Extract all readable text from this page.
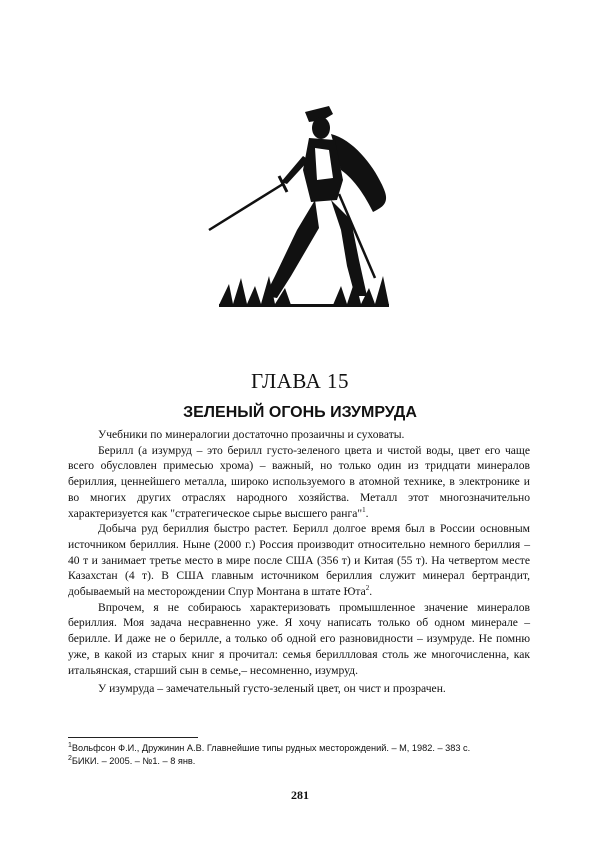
ГЛАВА 15
ЗЕЛЕНЫЙ ОГОНЬ ИЗУМРУДА

Учебники по минералогии достаточно прозаичны и суховаты.

Берилл (а изумруд – это берилл густо-зеленого цвета и чистой воды, цвет его чаще всего обусловлен примесью хрома) – важный, но только один из тридцати минералов бериллия, ценнейшего металла, широко используемого в атомной технике, в электронике и во многих других отраслях народного хозяйства. Металл этот многозначительно характеризуется как "стратегическое сырье высшего ранга"$^1$.

Добыча руд бериллия быстро растет. Берилл долгое время был в России основным источником бериллия. Ныне (2000 г.) Россия производит относительно немного бериллия – 40 т и занимает третье место в мире после США (356 т) и Китая (55 т). На четвертом месте Казахстан (4 т). В США главным источником бериллия служит минерал бертрандит, добываемый на месторождении Спур Монтана в штате Юта$^2$.

Впрочем, я не собираюсь характеризовать промышленное значение минералов бериллия. Моя задача несравненно уже. Я хочу написать только об одном минерале – берилле. И даже не о берилле, а только об одной его разновидности – изумруде. Не помню уже, в какой из старых книг я прочитал: семья бериллловая столь же многочисленна, как итальянская, старший сын в семье,– несомненно, изумруд.

У изумруда – замечательный густо-зеленый цвет, он чист и прозрачен.

$^1$Вольфсон Ф.И., Дружинин А.В. Главнейшие типы рудных месторождений. – М, 1982. – 383 с.
$^2$БИКИ. – 2005. – №1. – 8 янв.
281
